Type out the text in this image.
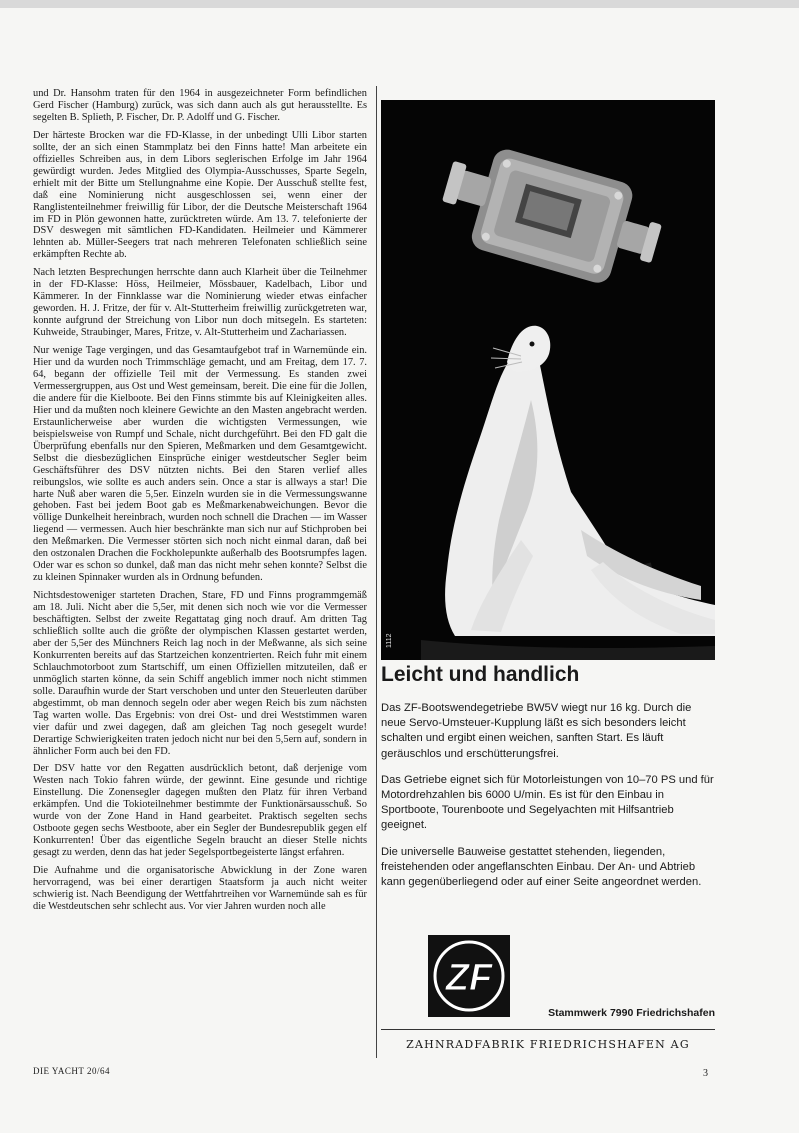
und Dr. Hansohm traten für den 1964 in ausgezeichneter Form befindlichen Gerd Fischer (Hamburg) zurück, was sich dann auch als gut herausstellte. Es segelten B. Splieth, P. Fischer, Dr. P. Adolff und G. Fischer.

Der härteste Brocken war die FD-Klasse, in der unbedingt Ulli Libor starten sollte, der an sich einen Stammplatz bei den Finns hatte! Man arbeitete ein offizielles Schreiben aus, in dem Libors seglerischen Erfolge im Jahr 1964 gewürdigt wurden. Jedes Mitglied des Olympia-Ausschusses, Sparte Segeln, erhielt mit der Bitte um Stellungnahme eine Kopie. Der Ausschuß stellte fest, daß eine Nominierung nicht ausgeschlossen sei, wenn einer der Ranglistenteilnehmer freiwillig für Libor, der die Deutsche Meisterschaft 1964 im FD in Plön gewonnen hatte, zurücktreten würde. Am 13. 7. telefonierte der DSV deswegen mit sämtlichen FD-Kandidaten. Heilmeier und Kämmerer lehnten ab. Müller-Seegers trat nach mehreren Telefonaten schließlich seine erkämpften Rechte ab.

Nach letzten Besprechungen herrschte dann auch Klarheit über die Teilnehmer in der FD-Klasse: Höss, Heilmeier, Mössbauer, Kadelbach, Libor und Kämmerer. In der Finnklasse war die Nominierung wieder etwas einfacher geworden. H. J. Fritze, der für v. Alt-Stutterheim freiwillig zurückgetreten war, konnte aufgrund der Streichung von Libor nun doch mitsegeln. Es starteten: Kuhweide, Straubinger, Mares, Fritze, v. Alt-Stutterheim und Zachariassen.

Nur wenige Tage vergingen, und das Gesamtaufgebot traf in Warnemünde ein. Hier und da wurden noch Trimmschläge gemacht, und am Freitag, dem 17. 7. 64, begann der offizielle Teil mit der Vermessung. Es standen zwei Vermessergruppen, aus Ost und West gemeinsam, bereit. Die eine für die Jollen, die andere für die Kielboote. Bei den Finns stimmte bis auf Kleinigkeiten alles. Hier und da mußten noch kleinere Gewichte an den Masten angebracht werden. Erstaunlicherweise aber wurden die wichtigsten Vermessungen, wie beispielsweise von Rumpf und Schale, nicht durchgeführt. Bei den FD galt die Überprüfung ebenfalls nur den Spieren, Meßmarken und dem Gesamtgewicht. Selbst die diesbezüglichen Einsprüche einiger westdeutscher Segler beim Geschäftsführer des DSV nützten nichts. Bei den Staren verlief alles reibungslos, wie sollte es auch anders sein. Once a star is allways a star! Die harte Nuß aber waren die 5,5er. Einzeln wurden sie in die Vermessungswanne gehoben. Fast bei jedem Boot gab es Meßmarkenabweichungen. Bevor die völlige Dunkelheit hereinbrach, wurden noch schnell die Drachen — im Wasser liegend — vermessen. Auch hier beschränkte man sich nur auf Stichproben bei den Meßmarken. Die Vermesser störten sich noch nicht einmal daran, daß bei den ostzonalen Drachen die Fockholepunkte außerhalb des Bootsrumpfes lagen. Oder war es schon so dunkel, daß man das nicht mehr sehen konnte? Selbst die zu kleinen Spinnaker wurden als in Ordnung befunden.

Nichtsdestoweniger starteten Drachen, Stare, FD und Finns programmgemäß am 18. Juli. Nicht aber die 5,5er, mit denen sich noch wie vor die Vermesser beschäftigten. Selbst der zweite Regattatag ging noch drauf. Am dritten Tag schließlich sollte auch die größte der olympischen Klassen gestartet werden, aber der 5,5er des Münchners Reich lag noch in der Meßwanne, als sich seine Konkurrenten bereits auf das Startzeichen konzentrierten. Reich fuhr mit einem Schlauchmotorboot zum Startschiff, um einen Offiziellen mitzuteilen, daß er unmöglich starten könne, da sein Schiff angeblich immer noch nicht stimmen solle. Daraufhin wurde der Start verschoben und unter den Steuerleuten darüber abgestimmt, ob man dennoch segeln oder aber wegen Reich bis zum nächsten Tag warten wolle. Das Ergebnis: von drei Ost- und drei Weststimmen waren vier dafür und zwei dagegen, daß am gleichen Tag noch gesegelt wurde! Derartige Schwierigkeiten traten jedoch nicht nur bei den 5,5ern auf, sondern in ähnlicher Form auch bei den FD.

Der DSV hatte vor den Regatten ausdrücklich betont, daß derjenige vom Westen nach Tokio fahren würde, der gewinnt. Eine gesunde und richtige Einstellung. Die Zonensegler dagegen mußten den Platz für ihren Verband erkämpfen. Und die Tokioteilnehmer bestimmte der Funktionärsausschuß. So wurde von der Zone Hand in Hand gearbeitet. Praktisch segelten sechs Ostboote gegen sechs Westboote, aber ein Segler der Bundesrepublik gegen elf Konkurrenten! Über das eigentliche Segeln braucht an dieser Stelle nichts gesagt zu werden, denn das hat jeder Segelsportbegeisterte längst erfahren.

Die Aufnahme und die organisatorische Abwicklung in der Zone waren hervorragend, was bei einer derartigen Staatsform ja auch nicht weiter schwierig ist. Nach Beendigung der Wettfahrtreihen vor Warnemünde sah es für die Westdeutschen sehr schlecht aus. Vor vier Jahren wurden noch alle

1112
Leicht und handlich

Das ZF-Bootswendegetriebe BW5V wiegt nur 16 kg. Durch die neue Servo-Umsteuer-Kupplung läßt es sich besonders leicht schalten und ergibt einen weichen, sanften Start. Es läuft geräuschlos und erschütterungsfrei.

Das Getriebe eignet sich für Motorleistungen von 10–70 PS und für Motordrehzahlen bis 6000 U/min. Es ist für den Einbau in Sportboote, Tourenboote und Segelyachten mit Hilfsantrieb geeignet.

Die universelle Bauweise gestattet stehenden, liegenden, freistehenden oder angeflanschten Einbau. Der An- und Abtrieb kann gegenüberliegend oder auf einer Seite angeordnet werden.

ZF
Stammwerk 7990 Friedrichshafen
ZAHNRADFABRIK FRIEDRICHSHAFEN AG
DIE YACHT 20/64	3
